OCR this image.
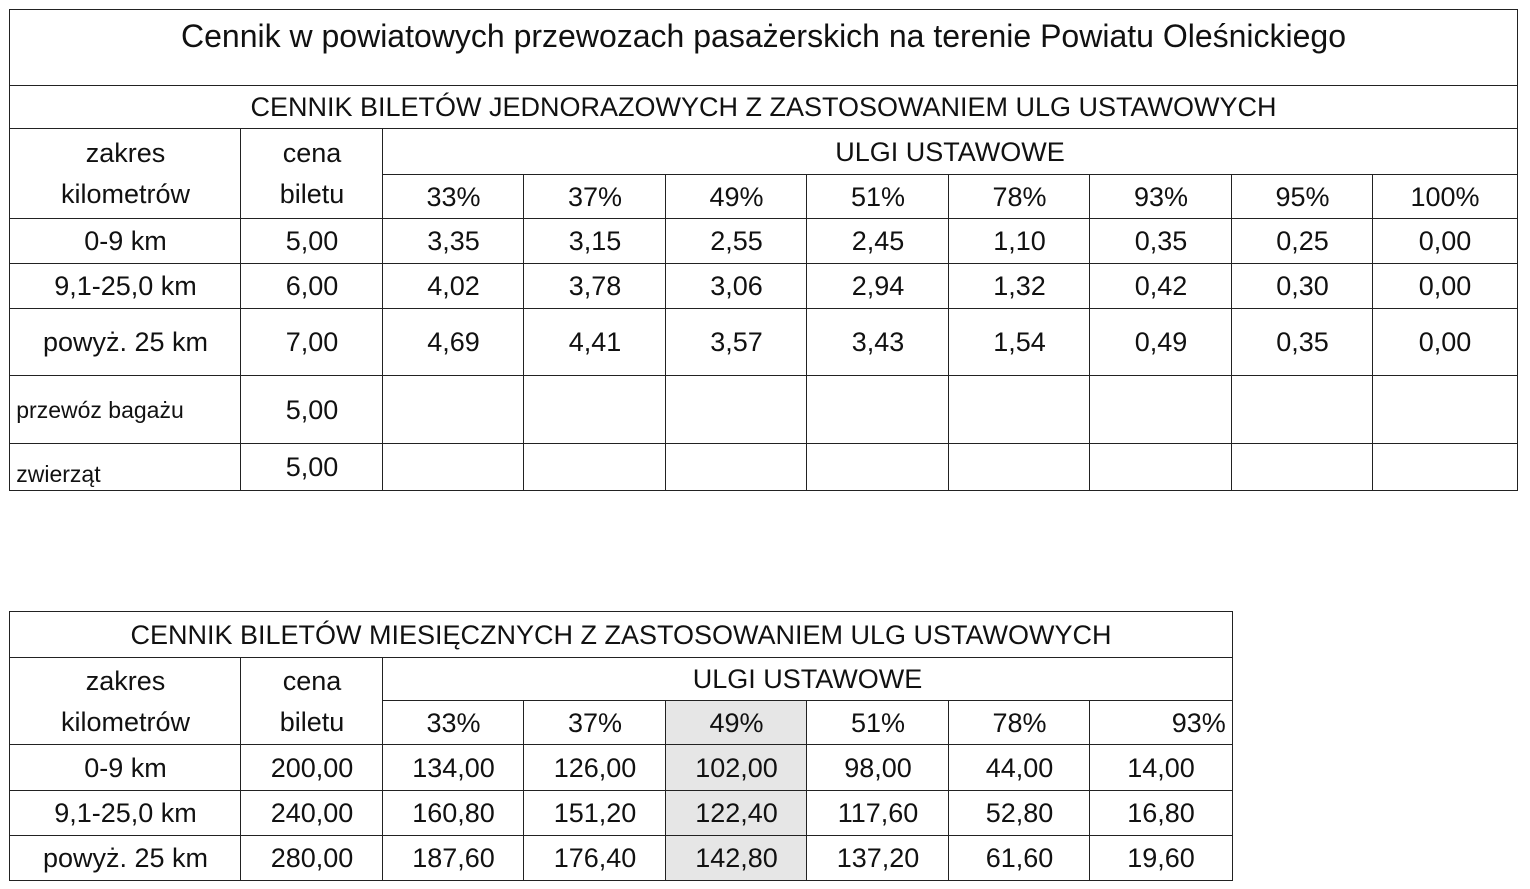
Cennik w powiatowych przewozach pasażerskich na terenie Powiatu Oleśnickiego
CENNIK BILETÓW JEDNORAZOWYCH Z ZASTOSOWANIEM ULG USTAWOWYCH
zakres
kilometrów
cena
biletu
ULGI USTAWOWE
33%	37%	49%	51%	78%	93%	95%	100%
0-9 km	5,00	3,35	3,15	2,55	2,45	1,10	0,35	0,25	0,00
9,1-25,0 km	6,00	4,02	3,78	3,06	2,94	1,32	0,42	0,30	0,00
powyż. 25 km	7,00	4,69	4,41	3,57	3,43	1,54	0,49	0,35	0,00
przewóz bagażu	5,00
zwierząt	5,00
CENNIK BILETÓW MIESIĘCZNYCH Z ZASTOSOWANIEM ULG USTAWOWYCH
zakres
kilometrów
cena
biletu
ULGI USTAWOWE
33%	37%	49%	51%	78%	93%
0-9 km	200,00	134,00	126,00	102,00	98,00	44,00	14,00
9,1-25,0 km	240,00	160,80	151,20	122,40	117,60	52,80	16,80
powyż. 25 km	280,00	187,60	176,40	142,80	137,20	61,60	19,60
